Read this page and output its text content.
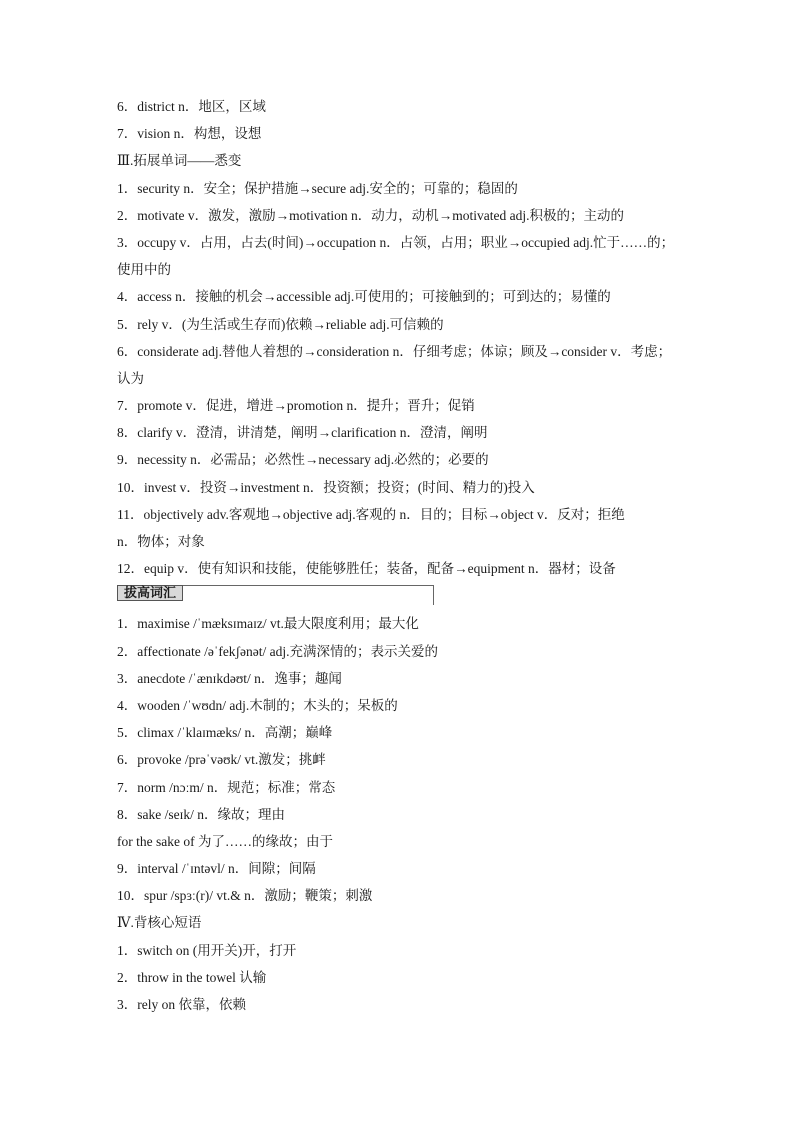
6．district n．地区，区域
7．vision n．构想，设想
Ⅲ.拓展单词——悉变
1．security n．安全；保护措施→secure adj.安全的；可靠的；稳固的
2．motivate v．激发，激励→motivation n．动力，动机→motivated adj.积极的；主动的
3．occupy v．占用，占去(时间)→occupation n．占领，占用；职业→occupied adj.忙于……的；
使用中的
4．access n．接触的机会→accessible adj.可使用的；可接触到的；可到达的；易懂的
5．rely v．(为生活或生存而)依赖→reliable adj.可信赖的
6．considerate adj.替他人着想的→consideration n．仔细考虑；体谅；顾及→consider v．考虑；
认为
7．promote v．促进，增进→promotion n．提升；晋升；促销
8．clarify v．澄清，讲清楚，阐明→clarification n．澄清，阐明
9．necessity n．必需品；必然性→necessary adj.必然的；必要的
10．invest v．投资→investment n．投资额；投资；(时间、精力的)投入
11．objectively adv.客观地→objective adj.客观的 n．目的；目标→object v．反对；拒绝
n．物体；对象
12．equip v．使有知识和技能，使能够胜任；装备，配备→equipment n．器材；设备
拔高词汇
1．maximise /ˈmæksɪmaɪz/ vt.最大限度利用；最大化
2．affectionate /əˈfekʃənət/ adj.充满深情的；表示关爱的
3．anecdote /ˈænɪkdəʊt/ n．逸事；趣闻
4．wooden /ˈwʊdn/ adj.木制的；木头的；呆板的
5．climax /ˈklaɪmæks/ n．高潮；巅峰
6．provoke /prəˈvəʊk/ vt.激发；挑衅
7．norm /nɔːm/ n．规范；标准；常态
8．sake /seɪk/ n．缘故；理由
for the sake of 为了……的缘故；由于
9．interval /ˈɪntəvl/ n．间隙；间隔
10．spur /spɜː(r)/ vt.& n．激励；鞭策；刺激
Ⅳ.背核心短语
1．switch on (用开关)开，打开
2．throw in the towel 认输
3．rely on 依靠，依赖
